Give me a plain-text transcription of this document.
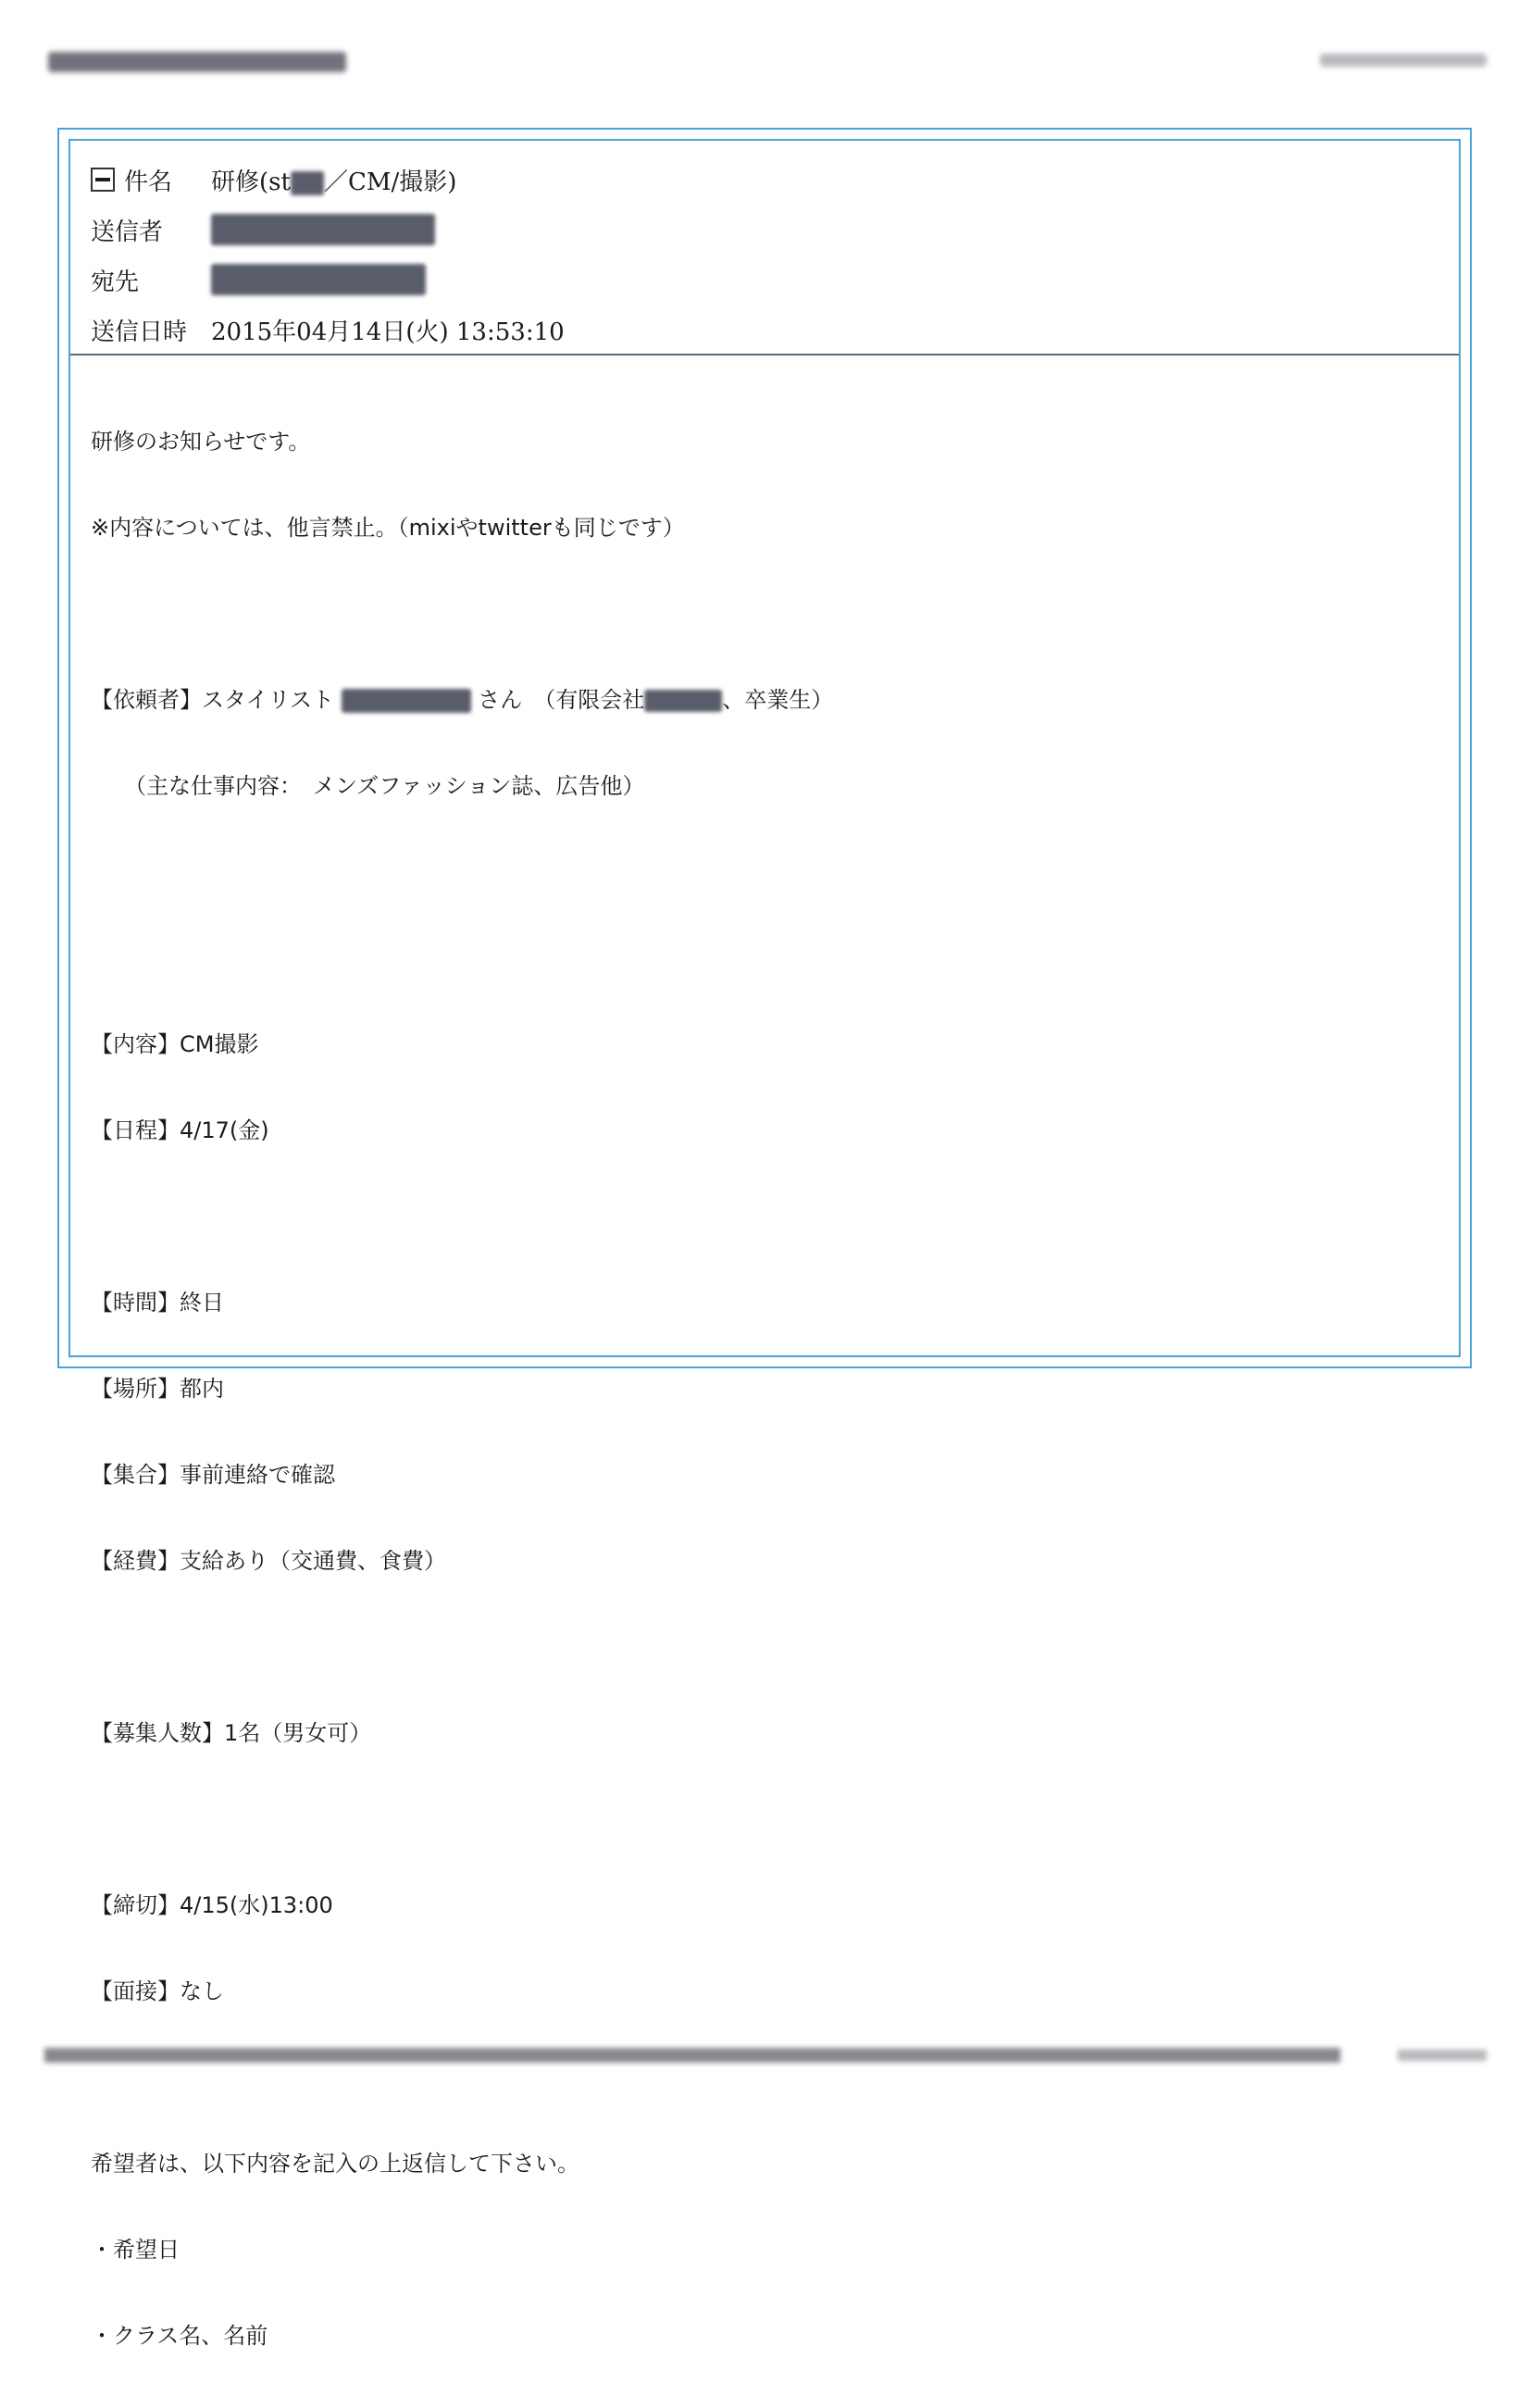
件名 研修(st ／CM/撮影)
送信者
宛先
送信日時 2015年04月14日(火) 13:53:10

研修のお知らせです。

※内容については、他言禁止。（mixiやtwitterも同じです）

【依頼者】スタイリスト	さん　（有限会社	、卒業生）

　　（主な仕事内容：　メンズファッション誌、広告他）

【内容】CM撮影

【日程】4/17(金)

【時間】終日

【場所】都内

【集合】事前連絡で確認

【経費】支給あり（交通費、食費）

【募集人数】1名（男女可）

【締切】4/15(水)13:00

【面接】なし

希望者は、以下内容を記入の上返信して下さい。

・希望日

・クラス名、名前
